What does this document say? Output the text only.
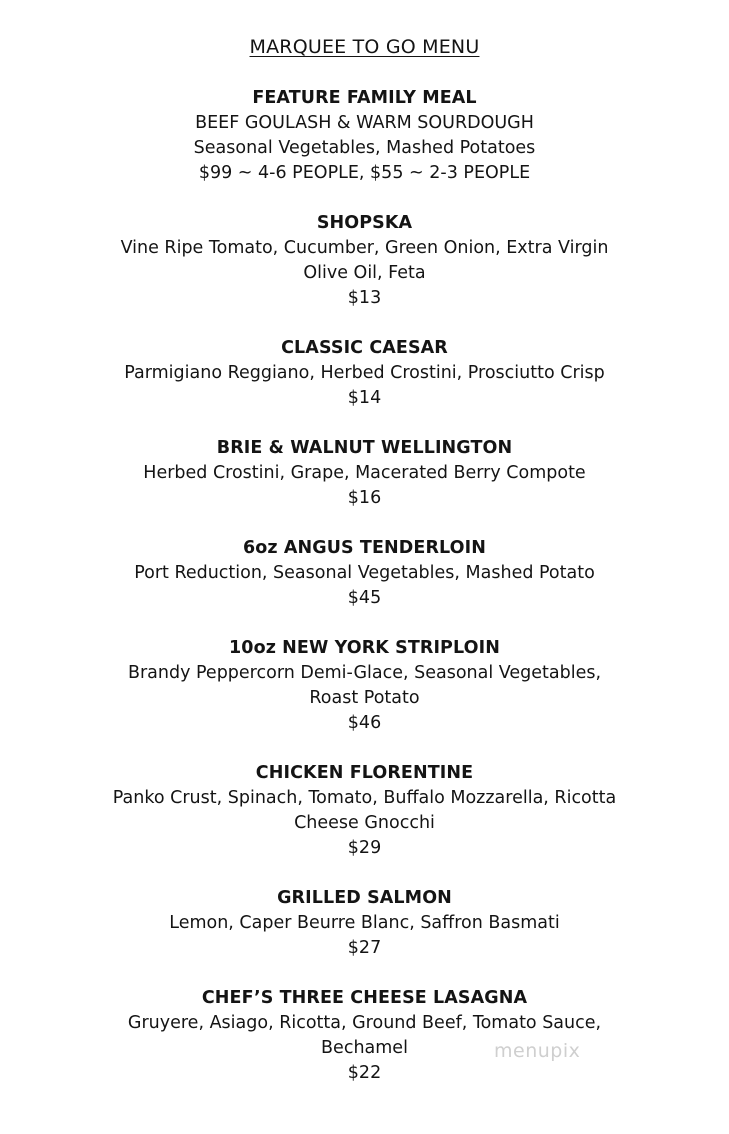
MARQUEE TO GO MENU
FEATURE FAMILY MEAL
BEEF GOULASH & WARM SOURDOUGH
Seasonal Vegetables, Mashed Potatoes
$99 ~ 4-6 PEOPLE, $55 ~ 2-3 PEOPLE
SHOPSKA
Vine Ripe Tomato, Cucumber, Green Onion, Extra Virgin
Olive Oil, Feta
$13
CLASSIC CAESAR
Parmigiano Reggiano, Herbed Crostini, Prosciutto Crisp
$14
BRIE & WALNUT WELLINGTON
Herbed Crostini, Grape, Macerated Berry Compote
$16
6oz ANGUS TENDERLOIN
Port Reduction, Seasonal Vegetables, Mashed Potato
$45
10oz NEW YORK STRIPLOIN
Brandy Peppercorn Demi-Glace, Seasonal Vegetables,
Roast Potato
$46
CHICKEN FLORENTINE
Panko Crust, Spinach, Tomato, Buffalo Mozzarella, Ricotta
Cheese Gnocchi
$29
GRILLED SALMON
Lemon, Caper Beurre Blanc, Saffron Basmati
$27
CHEF’S THREE CHEESE LASAGNA
Gruyere, Asiago, Ricotta, Ground Beef, Tomato Sauce,
Bechamel
$22
menupix
